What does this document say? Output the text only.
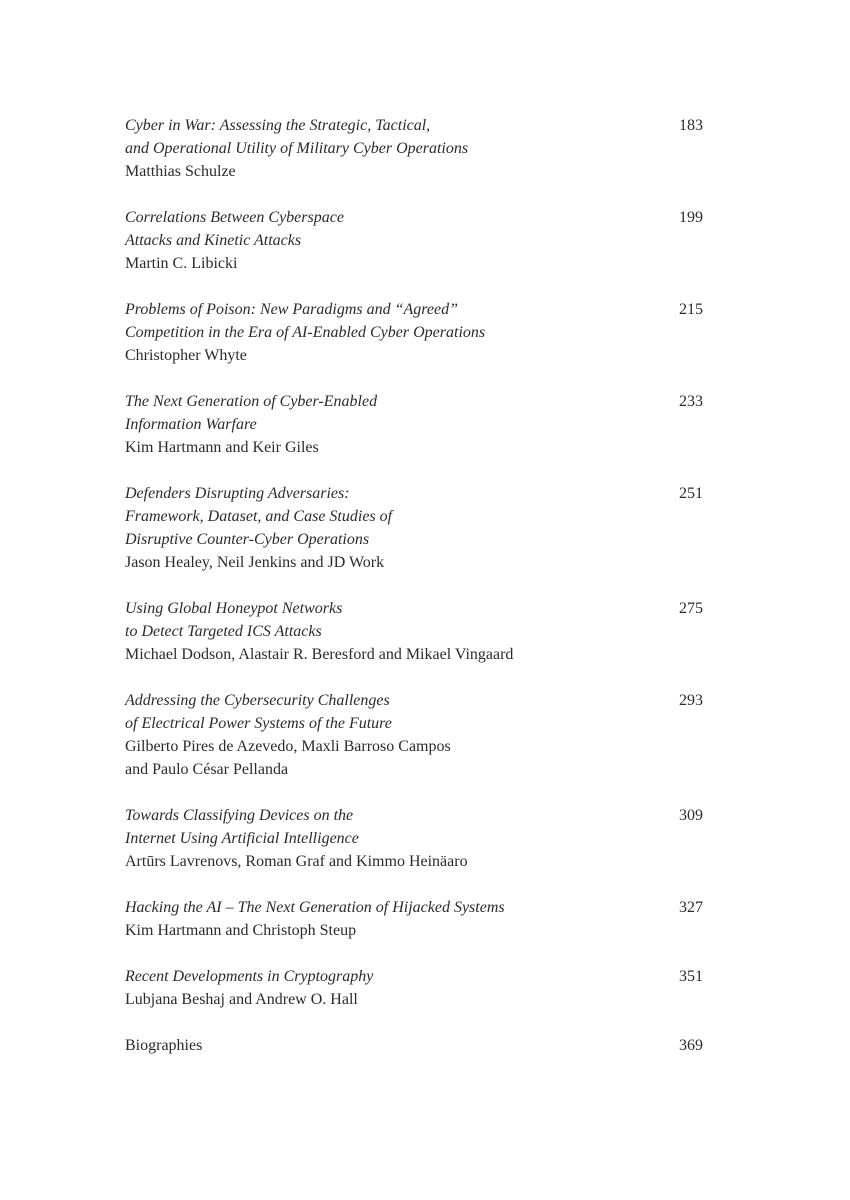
Cyber in War: Assessing the Strategic, Tactical,
and Operational Utility of Military Cyber Operations
Matthias Schulze
183
Correlations Between Cyberspace
Attacks and Kinetic Attacks
Martin C. Libicki
199
Problems of Poison: New Paradigms and “Agreed”
Competition in the Era of AI-Enabled Cyber Operations
Christopher Whyte
215
The Next Generation of Cyber-Enabled
Information Warfare
Kim Hartmann and Keir Giles
233
Defenders Disrupting Adversaries:
Framework, Dataset, and Case Studies of
Disruptive Counter-Cyber Operations
Jason Healey, Neil Jenkins and JD Work
251
Using Global Honeypot Networks
to Detect Targeted ICS Attacks
Michael Dodson, Alastair R. Beresford and Mikael Vingaard
275
Addressing the Cybersecurity Challenges
of Electrical Power Systems of the Future
Gilberto Pires de Azevedo, Maxli Barroso Campos
and Paulo César Pellanda
293
Towards Classifying Devices on the
Internet Using Artificial Intelligence
Artūrs Lavrenovs, Roman Graf and Kimmo Heinäaro
309
Hacking the AI – The Next Generation of Hijacked Systems
Kim Hartmann and Christoph Steup
327
Recent Developments in Cryptography
Lubjana Beshaj and Andrew O. Hall
351
Biographies	369
